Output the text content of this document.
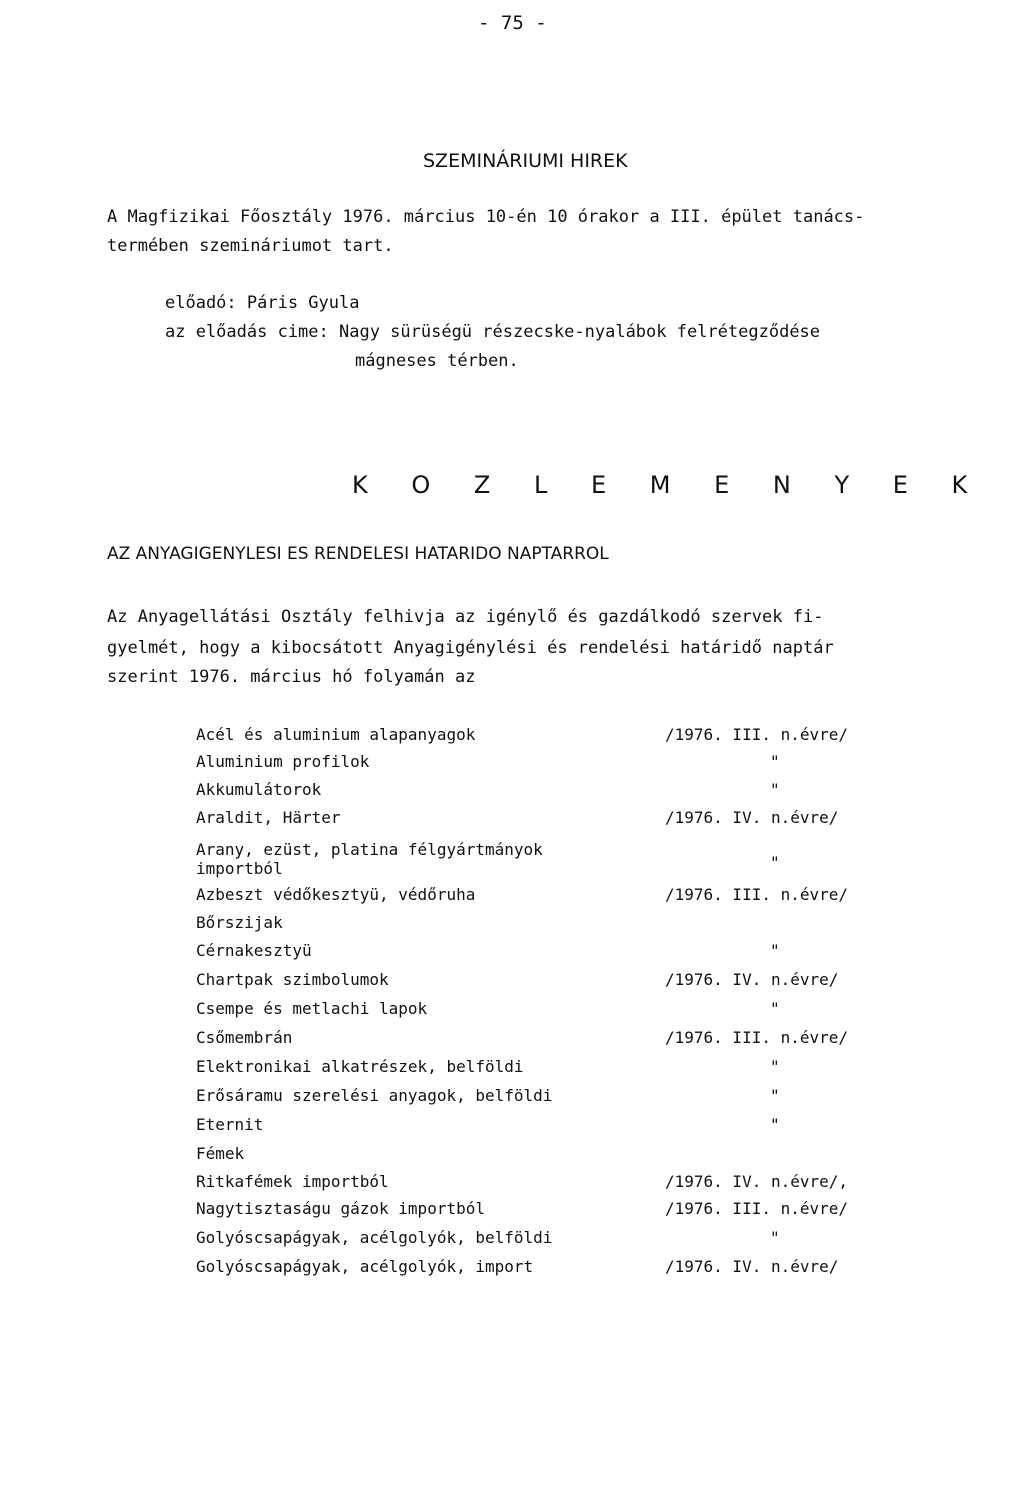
- 75 -
SZEMINÁRIUMI HIREK
A Magfizikai Főosztály 1976. március 10-én 10 órakor a III. épület tanács-
termében szemináriumot tart.
előadó: Páris Gyula
az előadás cime: Nagy sürüségü részecske-nyalábok felrétegződése
mágneses térben.
K O Z L E M E N Y E K
AZ ANYAGIGENYLESI ES RENDELESI HATARIDO NAPTARROL
Az Anyagellátási Osztály felhivja az igénylő és gazdálkodó szervek fi-
gyelmét, hogy a kibocsátott Anyagigénylési és rendelési határidő naptár
szerint 1976. március hó folyamán az
Acél és aluminium alapanyagok	/1976. III. n.évre/
Aluminium profilok	"
Akkumulátorok	"
Araldit, Härter	/1976. IV. n.évre/
Arany, ezüst, platina félgyártmányok
importból	"
Azbeszt védőkesztyü, védőruha	/1976. III. n.évre/
Bőrszijak
Cérnakesztyü	"
Chartpak szimbolumok	/1976. IV. n.évre/
Csempe és metlachi lapok	"
Csőmembrán	/1976. III. n.évre/
Elektronikai alkatrészek, belföldi	"
Erősáramu szerelési anyagok, belföldi	"
Eternit	"
Fémek
Ritkafémek importból	/1976. IV. n.évre/,
Nagytisztaságu gázok importból	/1976. III. n.évre/
Golyóscsapágyak, acélgolyók, belföldi	"
Golyóscsapágyak, acélgolyók, import	/1976. IV. n.évre/
